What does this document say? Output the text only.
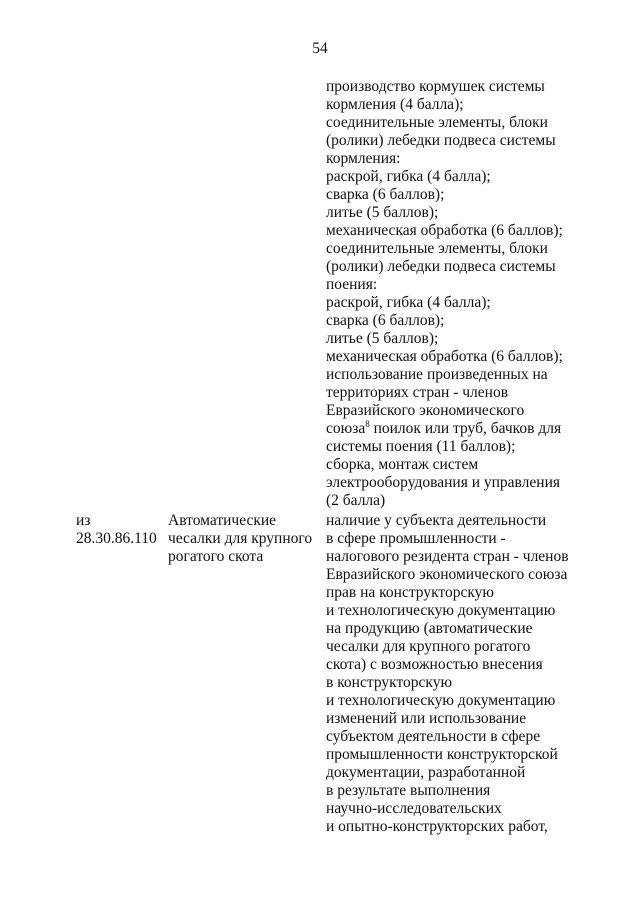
54
производство кормушек системы
кормления (4 балла);
соединительные элементы, блоки
(ролики) лебедки подвеса системы
кормления:
раскрой, гибка (4 балла);
сварка (6 баллов);
литье (5 баллов);
механическая обработка (6 баллов);
соединительные элементы, блоки
(ролики) лебедки подвеса системы
поения:
раскрой, гибка (4 балла);
сварка (6 баллов);
литье (5 баллов);
механическая обработка (6 баллов);
использование произведенных на
территориях стран - членов
Евразийского экономического
союза$^8$ поилок или труб, бачков для
системы поения (11 баллов);
сборка, монтаж систем
электрооборудования и управления
(2 балла)
из
28.30.86.110
Автоматические
чесалки для крупного
рогатого скота
наличие у субъекта деятельности
в сфере промышленности -
налогового резидента стран - членов
Евразийского экономического союза
прав на конструкторскую
и технологическую документацию
на продукцию (автоматические
чесалки для крупного рогатого
скота) с возможностью внесения
в конструкторскую
и технологическую документацию
изменений или использование
субъектом деятельности в сфере
промышленности конструкторской
документации, разработанной
в результате выполнения
научно-исследовательских
и опытно-конструкторских работ,
